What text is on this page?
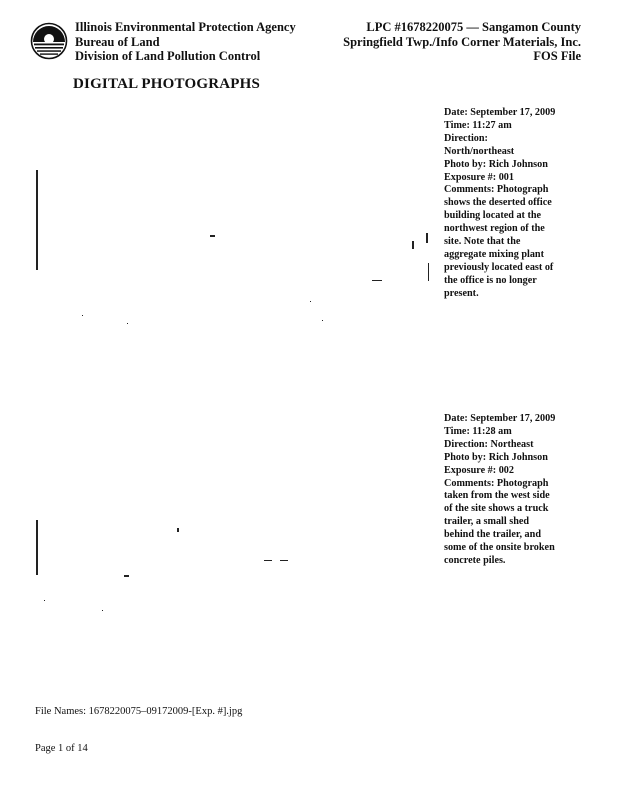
Illinois Environmental Protection Agency
Bureau of Land
Division of Land Pollution Control
LPC #1678220075 — Sangamon County
Springfield Twp./Info Corner Materials, Inc.
FOS File
DIGITAL PHOTOGRAPHS
Date: September 17, 2009
Time: 11:27 am
Direction:
North/northeast
Photo by: Rich Johnson
Exposure #: 001
Comments: Photograph
shows the deserted office
building located at the
northwest region of the
site. Note that the
aggregate mixing plant
previously located east of
the office is no longer
present.
Date: September 17, 2009
Time: 11:28 am
Direction: Northeast
Photo by: Rich Johnson
Exposure #: 002
Comments: Photograph
taken from the west side
of the site shows a truck
trailer, a small shed
behind the trailer, and
some of the onsite broken
concrete piles.
File Names: 1678220075–09172009-[Exp. #].jpg
Page 1 of 14
